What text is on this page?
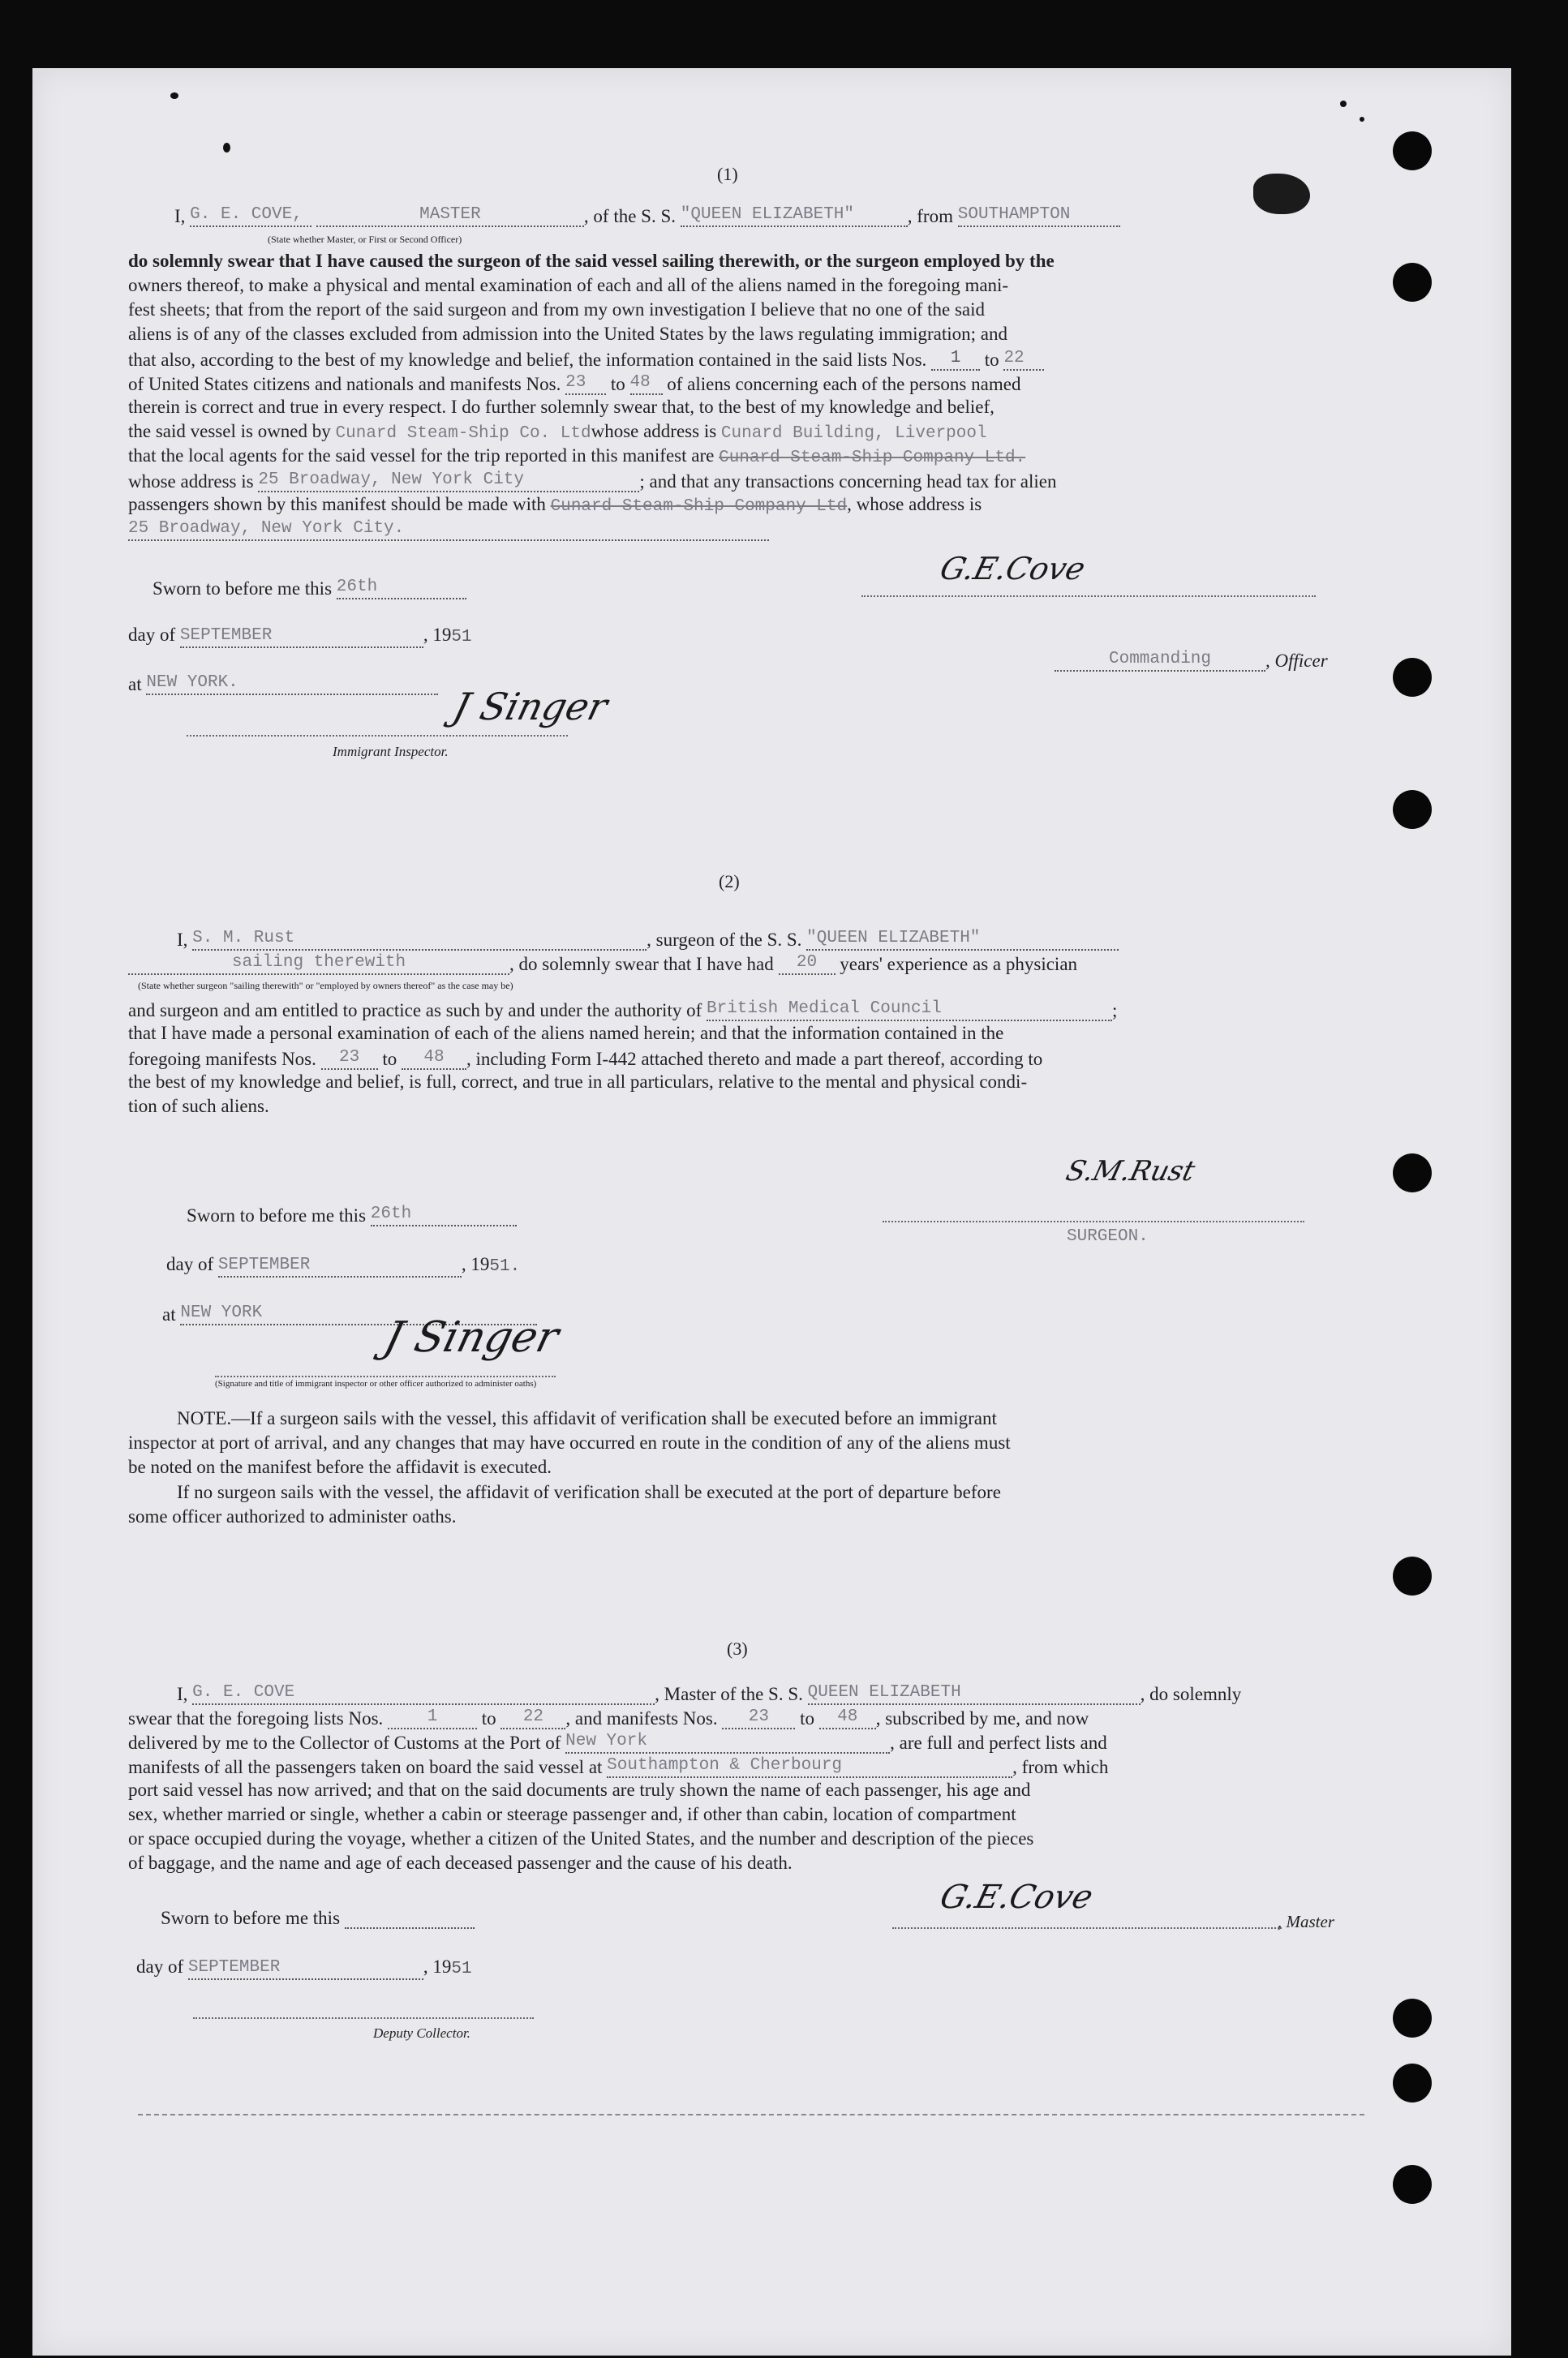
(1)
I, G. E. COVE,	MASTER	, of the S. S. "QUEEN ELIZABETH"	, from SOUTHAMPTON
(State whether Master, or First or Second Officer)
do solemnly swear that I have caused the surgeon of the said vessel sailing therewith, or the surgeon employed by the
owners thereof, to make a physical and mental examination of each and all of the aliens named in the foregoing mani-
fest sheets; that from the report of the said surgeon and from my own investigation I believe that no one of the said
aliens is of any of the classes excluded from admission into the United States by the laws regulating immigration; and
that also, according to the best of my knowledge and belief, the information contained in the said lists Nos. 1 to 22
of United States citizens and nationals and manifests Nos. 23 to 48 of aliens concerning each of the persons named
therein is correct and true in every respect. I do further solemnly swear that, to the best of my knowledge and belief,
the said vessel is owned by Cunard Steam-Ship Co. Ltdwhose address is Cunard Building, Liverpool
that the local agents for the said vessel for the trip reported in this manifest are Cunard Steam-Ship Company Ltd.
whose address is 25 Broadway, New York City	; and that any transactions concerning head tax for alien
passengers shown by this manifest should be made with Cunard Steam-Ship Company Ltd, whose address is
25 Broadway, New York City.
Sworn to before me this 26th
G.E.Cove
day of SEPTEMBER	, 1951
Commanding	, Officer
at NEW YORK.
J Singer
Immigrant Inspector.
(2)
I, S. M. Rust	, surgeon of the S. S. "QUEEN ELIZABETH"
sailing therewith	, do solemnly swear that I have had 20 years' experience as a physician
(State whether surgeon "sailing therewith" or "employed by owners thereof" as the case may be)
and surgeon and am entitled to practice as such by and under the authority of British Medical Council	;
that I have made a personal examination of each of the aliens named herein; and that the information contained in the
foregoing manifests Nos. 23 to 48 , including Form I-442 attached thereto and made a part thereof, according to
the best of my knowledge and belief, is full, correct, and true in all particulars, relative to the mental and physical condi-
tion of such aliens.
S.M.Rust
Sworn to before me this 26th
SURGEON.
day of SEPTEMBER	, 1951.
at NEW YORK
J Singer
(Signature and title of immigrant inspector or other officer authorized to administer oaths)
NOTE.—If a surgeon sails with the vessel, this affidavit of verification shall be executed before an immigrant
inspector at port of arrival, and any changes that may have occurred en route in the condition of any of the aliens must
be noted on the manifest before the affidavit is executed.
If no surgeon sails with the vessel, the affidavit of verification shall be executed at the port of departure before
some officer authorized to administer oaths.
(3)
I, G. E. COVE	, Master of the S. S. QUEEN ELIZABETH	, do solemnly
swear that the foregoing lists Nos.	1 to 22 , and manifests Nos. 23 to 48 , subscribed by me, and now
delivered by me to the Collector of Customs at the Port of New York	, are full and perfect lists and
manifests of all the passengers taken on board the said vessel at Southampton & Cherbourg	, from which
port said vessel has now arrived; and that on the said documents are truly shown the name of each passenger, his age and
sex, whether married or single, whether a cabin or steerage passenger and, if other than cabin, location of compartment
or space occupied during the voyage, whether a citizen of the United States, and the number and description of the pieces
of baggage, and the name and age of each deceased passenger and the cause of his death.
Sworn to before me this
G.E.Cove
, Master
day of SEPTEMBER	, 1951
Deputy Collector.
